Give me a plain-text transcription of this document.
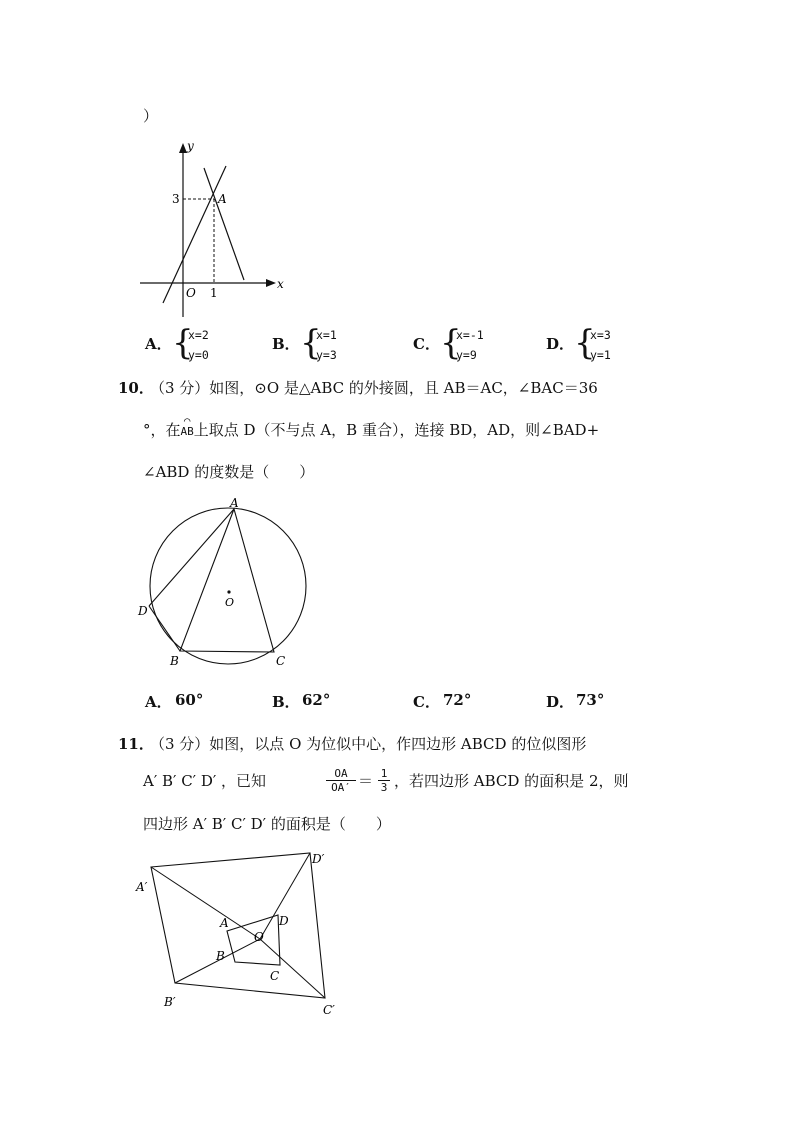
）
y
x
O
3
1
A
A． {
x=2
y=0
B． {
x=1
y=3
C． {
x=-1
y=9
D． {
x=3
y=1
10．
（3 分）如图，⊙O 是△ABC 的外接圆，且 AB＝AC，∠BAC＝36
°，在
⌒
AB上取点 D（不与点 A，B 重合），连接 BD，AD，则∠BAD+
∠ABD 的度数是（　　）
A
B	C
D
O
A． 60°	B． 62°	C． 72°	D． 73°
11．
（3 分）如图，以点 O 为位似中心，作四边形 ABCD 的位似图形
A′ B′ C′ D′ ，已知	$\frac{OA}{OA'} = \frac{1}{3}$ ，若四边形 ABCD 的面积是 2，则
四边形 A′ B′ C′ D′ 的面积是（　　）
A′
B′
C′
D′
A
B
C
D
O
